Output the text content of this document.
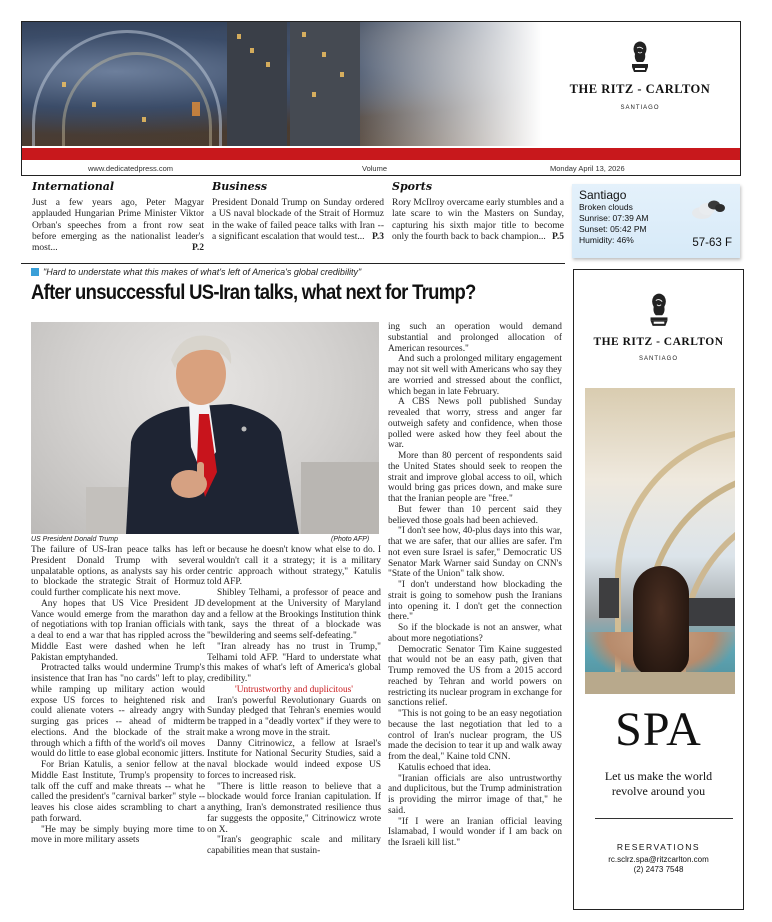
THE RITZ - CARLTON
SANTIAGO
www.dedicatedpress.com	Volume	Monday April 13, 2026
International

Just a few years ago, Peter Magyar applauded Hungarian Prime Minister Viktor Orban's speeches from a front row seat before emerging as the nationalist leader's most...	P.2

Business

President Donald Trump on Sunday ordered a US naval blockade of the Strait of Hormuz in the wake of failed peace talks with Iran -- a significant escalation that would test... P.3

Sports

Rory McIlroy overcame early stumbles and a late scare to win the Masters on Sunday, capturing his sixth major title to become only the fourth back to back champion... P.5

Santiago
Broken clouds
Sunrise: 07:39 AM
Sunset: 05:42 PM
Humidity: 46%	57-63 F
"Hard to understate what this makes of what's left of America's global credibility"
After unsuccessful US-Iran talks, what next for Trump?
US President Donald Trump	(Photo AFP)

The failure of US-Iran peace talks has left President Donald Trump with several unpalatable options, as analysts say his order to blockade the strategic Strait of Hormuz could further complicate his next move.

Any hopes that US Vice President JD Vance would emerge from the marathon day of negotiations with top Iranian officials with a deal to end a war that has rippled across the Middle East were dashed when he left Pakistan emptyhanded.

Protracted talks would undermine Trump's insistence that Iran has "no cards" left to play, while ramping up military action would expose US forces to heightened risk and could alienate voters -- already angry with surging gas prices -- ahead of midterm elections. And the blockade of the strait through which a fifth of the world's oil moves would do little to ease global economic jitters.

For Brian Katulis, a senior fellow at the Middle East Institute, Trump's propensity to talk off the cuff and make threats -- what he called the president's "carnival barker" style -- leaves his close aides scrambling to chart a path forward.

"He may be simply buying more time to move in more military assets

or because he doesn't know what else to do. I wouldn't call it a strategy; it is a military centric approach without strategy," Katulis told AFP.

Shibley Telhami, a professor of peace and development at the University of Maryland and a fellow at the Brookings Institution think tank, says the threat of a blockade was "bewildering and seems self-defeating."

"Iran already has no trust in Trump," Telhami told AFP. "Hard to understate what this makes of what's left of America's global credibility."

'Untrustworthy and duplicitous'

Iran's powerful Revolutionary Guards on Sunday pledged that Tehran's enemies would be trapped in a "deadly vortex" if they were to make a wrong move in the strait.

Danny Citrinowicz, a fellow at Israel's Institute for National Security Studies, said a naval blockade would indeed expose US forces to increased risk.

"There is little reason to believe that a blockade would force Iranian capitulation. If anything, Iran's demonstrated resilience thus far suggests the opposite," Citrinowicz wrote on X.

"Iran's geographic scale and military capabilities mean that sustain-

ing such an operation would demand substantial and prolonged allocation of American resources."

And such a prolonged military engagement may not sit well with Americans who say they are worried and stressed about the conflict, which began in late February.

A CBS News poll published Sunday revealed that worry, stress and anger far outweigh safety and confidence, when those polled were asked how they feel about the war.

More than 80 percent of respondents said the United States should seek to reopen the strait and improve global access to oil, which would bring gas prices down, and make sure that the Iranian people are "free."

But fewer than 10 percent said they believed those goals had been achieved.

"I don't see how, 40-plus days into this war, that we are safer, that our allies are safer. I'm not even sure Israel is safer," Democratic US Senator Mark Warner said Sunday on CNN's "State of the Union" talk show.

"I don't understand how blockading the strait is going to somehow push the Iranians into opening it. I don't get the connection there."

So if the blockade is not an answer, what about more negotiations?

Democratic Senator Tim Kaine suggested that would not be an easy path, given that Trump removed the US from a 2015 accord reached by Tehran and world powers on restricting its nuclear program in exchange for sanctions relief.

"This is not going to be an easy negotiation because the last negotiation that led to a control of Iran's nuclear program, the US made the decision to tear it up and walk away from the deal," Kaine told CNN.

Katulis echoed that idea.

"Iranian officials are also untrustworthy and duplicitous, but the Trump administration is providing the mirror image of that," he said.

"If I were an Iranian official leaving Islamabad, I would wonder if I am back on the Israeli kill list."

THE RITZ - CARLTON
SANTIAGO
SPA
Let us make the world
revolve around you
RESERVATIONS
rc.sclrz.spa@ritzcarlton.com
(2) 2473 7548
